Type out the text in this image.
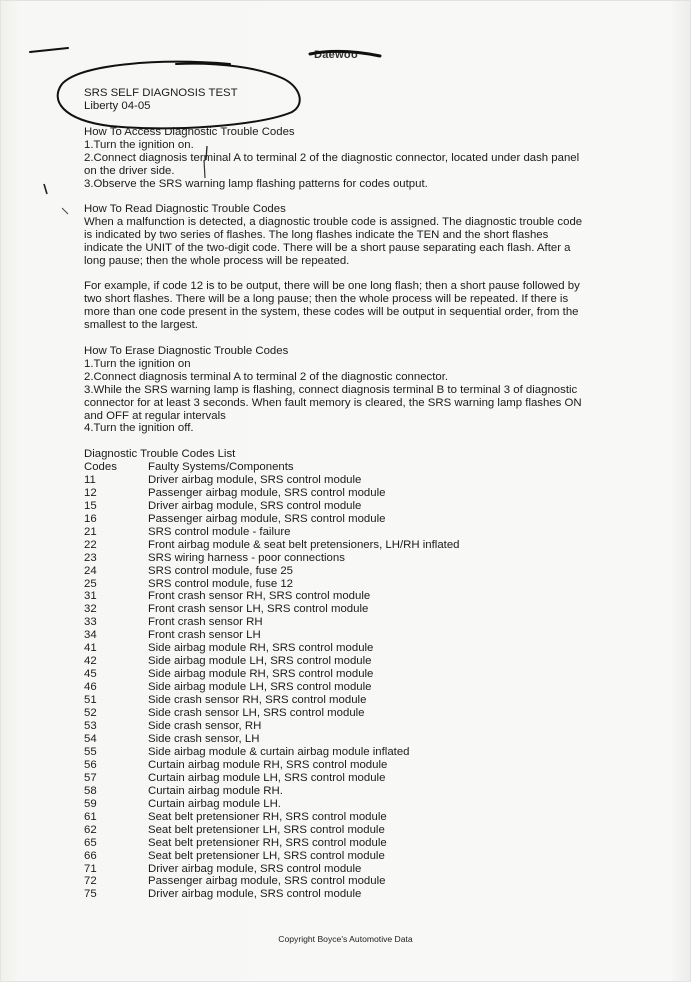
Daewoo
SRS SELF DIAGNOSIS TEST
Liberty 04-05
How To Access Diagnostic Trouble Codes
1.Turn the ignition on.
2.Connect diagnosis terminal A to terminal 2 of the diagnostic connector, located under dash panel
on the driver side.
3.Observe the SRS warning lamp flashing patterns for codes output.
How To Read Diagnostic Trouble Codes
When a malfunction is detected, a diagnostic trouble code is assigned. The diagnostic trouble code
is indicated by two series of flashes. The long flashes indicate the TEN and the short flashes
indicate the UNIT of the two-digit code. There will be a short pause separating each flash. After a
long pause; then the whole process will be repeated.
For example, if code 12 is to be output, there will be one long flash; then a short pause followed by
two short flashes. There will be a long pause; then the whole process will be repeated. If there is
more than one code present in the system, these codes will be output in sequential order, from the
smallest to the largest.
How To Erase Diagnostic Trouble Codes
1.Turn the ignition on
2.Connect diagnosis terminal A to terminal 2 of the diagnostic connector.
3.While the SRS warning lamp is flashing, connect diagnosis terminal B to terminal 3 of diagnostic
connector for at least 3 seconds. When fault memory is cleared, the SRS warning lamp flashes ON
and OFF at regular intervals
4.Turn the ignition off.
Diagnostic Trouble Codes List
Codes	Faulty Systems/Components
11	Driver airbag module, SRS control module
12	Passenger airbag module, SRS control module
15	Driver airbag module, SRS control module
16	Passenger airbag module, SRS control module
21	SRS control module - failure
22	Front airbag module & seat belt pretensioners, LH/RH inflated
23	SRS wiring harness - poor connections
24	SRS control module, fuse 25
25	SRS control module, fuse 12
31	Front crash sensor RH, SRS control module
32	Front crash sensor LH, SRS control module
33	Front crash sensor RH
34	Front crash sensor LH
41	Side airbag module RH, SRS control module
42	Side airbag module LH, SRS control module
45	Side airbag module RH, SRS control module
46	Side airbag module LH, SRS control module
51	Side crash sensor RH, SRS control module
52	Side crash sensor LH, SRS control module
53	Side crash sensor, RH
54	Side crash sensor, LH
55	Side airbag module & curtain airbag module inflated
56	Curtain airbag module RH, SRS control module
57	Curtain airbag module LH, SRS control module
58	Curtain airbag module RH.
59	Curtain airbag module LH.
61	Seat belt pretensioner RH, SRS control module
62	Seat belt pretensioner LH, SRS control module
65	Seat belt pretensioner RH, SRS control module
66	Seat belt pretensioner LH, SRS control module
71	Driver airbag module, SRS control module
72	Passenger airbag module, SRS control module
75	Driver airbag module, SRS control module
Copyright Boyce's Automotive Data
